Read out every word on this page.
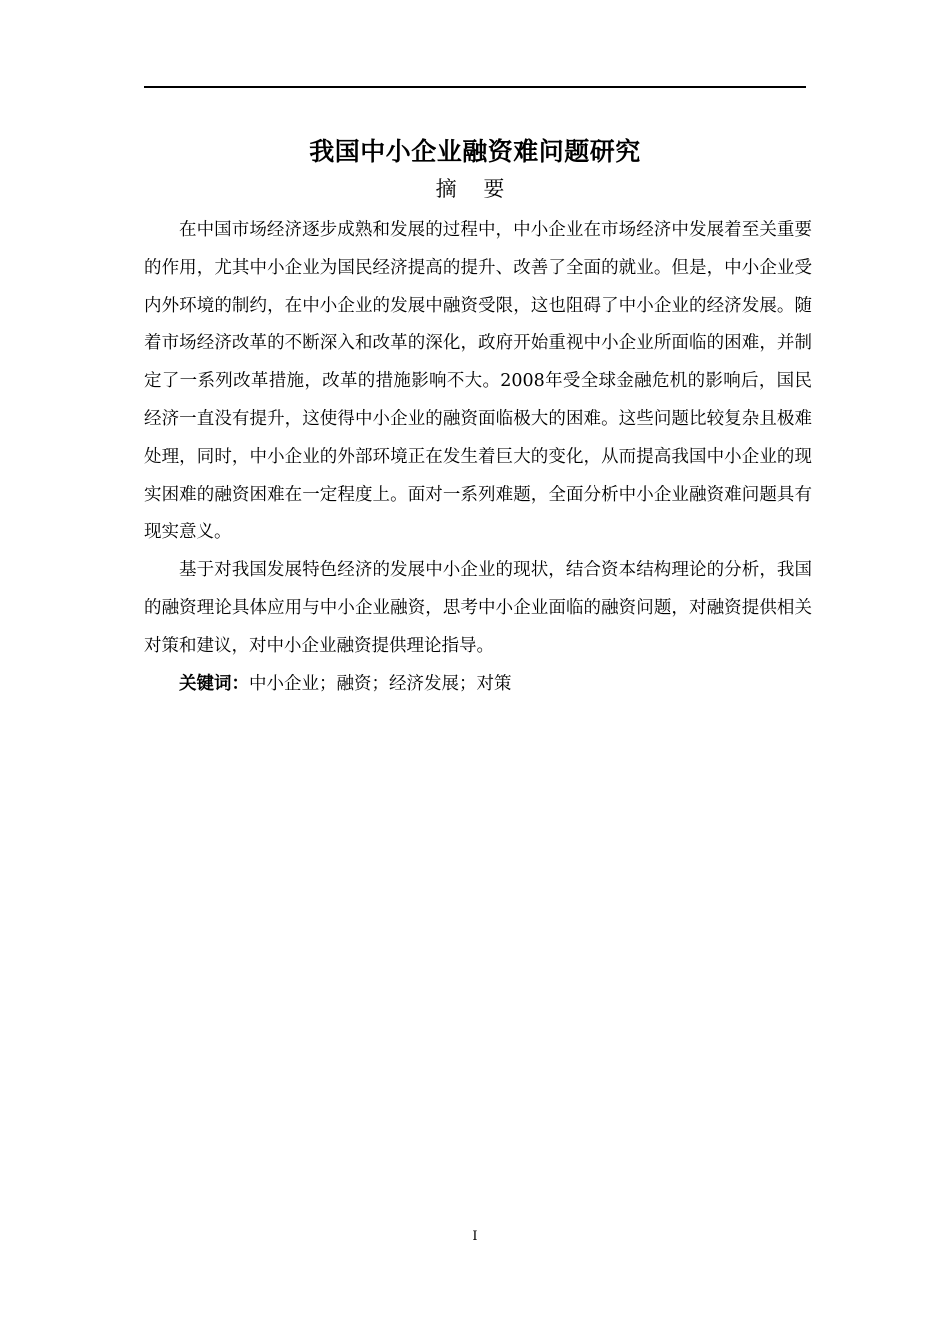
我国中小企业融资难问题研究
摘 要

在中国市场经济逐步成熟和发展的过程中，中小企业在市场经济中发展着至关重要的作用，尤其中小企业为国民经济提高的提升、改善了全面的就业。但是，中小企业受内外环境的制约，在中小企业的发展中融资受限，这也阻碍了中小企业的经济发展。随着市场经济改革的不断深入和改革的深化，政府开始重视中小企业所面临的困难，并制定了一系列改革措施，改革的措施影响不大。2008年受全球金融危机的影响后，国民经济一直没有提升，这使得中小企业的融资面临极大的困难。这些问题比较复杂且极难处理，同时，中小企业的外部环境正在发生着巨大的变化，从而提高我国中小企业的现实困难的融资困难在一定程度上。面对一系列难题，全面分析中小企业融资难问题具有现实意义。

基于对我国发展特色经济的发展中小企业的现状，结合资本结构理论的分析，我国的融资理论具体应用与中小企业融资，思考中小企业面临的融资问题，对融资提供相关对策和建议，对中小企业融资提供理论指导。

关键词：中小企业；融资；经济发展；对策

I
